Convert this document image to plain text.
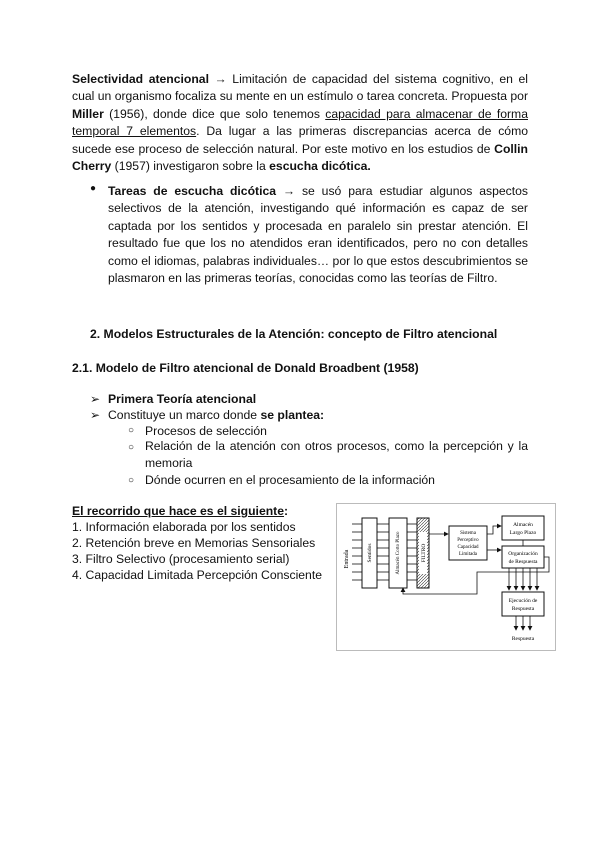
Selectividad atencional → Limitación de capacidad del sistema cognitivo, en el cual un organismo focaliza su mente en un estímulo o tarea concreta. Propuesta por Miller (1956), donde dice que solo tenemos capacidad para almacenar de forma temporal 7 elementos. Da lugar a las primeras discrepancias acerca de cómo sucede ese proceso de selección natural. Por este motivo en los estudios de Collin Cherry (1957) investigaron sobre la escucha dicótica.
● Tareas de escucha dicótica → se usó para estudiar algunos aspectos selectivos de la atención, investigando qué información es capaz de ser captada por los sentidos y procesada en paralelo sin prestar atención. El resultado fue que los no atendidos eran identificados, pero no con detalles como el idiomas, palabras individuales… por lo que estos descubrimientos se plasmaron en las primeras teorías, conocidas como las teorías de Filtro.
2. Modelos Estructurales de la Atención: concepto de Filtro atencional
2.1. Modelo de Filtro atencional de Donald Broadbent (1958)
➢ Primera Teoría atencional
➢ Constituye un marco donde se plantea:
○ Procesos de selección
○ Relación de la atención con otros procesos, como la percepción y la memoria
○ Dónde ocurren en el procesamiento de la información
El recorrido que hace es el siguiente:
1. Información elaborada por los sentidos
2. Retención breve en Memorias Sensoriales
3. Filtro Selectivo (procesamiento serial)
4. Capacidad Limitada Percepción Consciente
Entrada	Sentidos	Almacén Corto Plazo	FILTRO
Sistema
Perceptivo
Capacidad
Limitada
Almacén
Largo Plazo
Organización
de Respuesta
Ejecución de
Respuesta
Respuesta
